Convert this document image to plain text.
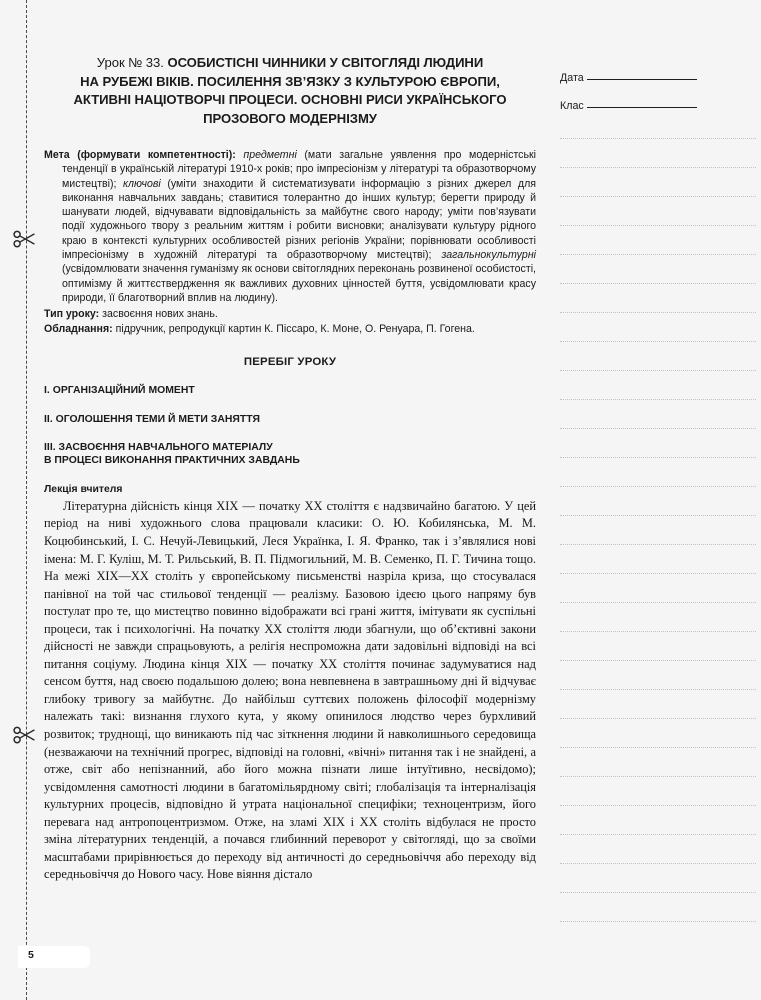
Урок № 33. ОСОБИСТІСНІ ЧИННИКИ У СВІТОГЛЯДІ ЛЮДИНИ
НА РУБЕЖІ ВІКІВ. ПОСИЛЕННЯ ЗВ’ЯЗКУ З КУЛЬТУРОЮ ЄВРОПИ,
АКТИВНІ НАЦІОТВОРЧІ ПРОЦЕСИ. ОСНОВНІ РИСИ УКРАЇНСЬКОГО
ПРОЗОВОГО МОДЕРНІЗМУ

Мета (формувати компетентності): предметні (мати загальне уявлення про модерністські тенденції в українській літературі 1910-х років; про імпресіонізм у літературі та образотворчому мистецтві); ключові (уміти знаходити й систематизувати інформацію з різних джерел для виконання навчальних завдань; ставитися толерантно до інших культур; берегти природу й шанувати людей, відчувавати відповідальність за майбутнє свого народу; уміти пов’язувати події художнього твору з реальним життям і робити висновки; аналізувати культуру рідного краю в контексті культурних особливостей різних регіонів України; порівнювати особливості імпресіонізму в художній літературі та образотворчому мистецтві); загальнокультурні (усвідомлювати значення гуманізму як основи світоглядних переконань розвиненої особистості, оптимізму й життєствердження як важливих духовних цінностей буття, усвідомлювати красу природи, її благотворний вплив на людину).

Тип уроку: засвоєння нових знань.
Обладнання: підручник, репродукції картин К. Піссаро, К. Моне, О. Ренуара, П. Гогена.
ПЕРЕБІГ УРОКУ
I. ОРГАНІЗАЦІЙНИЙ МОМЕНТ
II. ОГОЛОШЕННЯ ТЕМИ Й МЕТИ ЗАНЯТТЯ
III. ЗАСВОЄННЯ НАВЧАЛЬНОГО МАТЕРІАЛУ
В ПРОЦЕСІ ВИКОНАННЯ ПРАКТИЧНИХ ЗАВДАНЬ
Лекція вчителя

Літературна дійсність кінця XIX — початку XX століття є надзвичайно багатою. У цей період на ниві художнього слова працювали класики: О. Ю. Кобилянська, М. М. Коцюбинський, І. С. Нечуй-Левицький, Леся Українка, І. Я. Франко, так і з’являлися нові імена: М. Г. Куліш, М. Т. Рильський, В. П. Підмогильний, М. В. Семенко, П. Г. Тичина тощо. На межі XIX—XX століть у європейському письменстві назріла криза, що стосувалася панівної на той час стильової тенденції — реалізму. Базовою ідеєю цього напряму був постулат про те, що мистецтво повинно відображати всі грані життя, імітувати як суспільні процеси, так і психологічні. На початку XX століття люди збагнули, що об’єктивні закони дійсності не завжди спрацьовують, а релігія неспроможна дати задовільні відповіді на всі питання соціуму. Людина кінця XIX — початку XX століття починає задумуватися над сенсом буття, над своєю подальшою долею; вона невпевнена в завтрашньому дні й відчуває глибоку тривогу за майбутнє. До найбільш суттєвих положень філософії модернізму належать такі: визнання глухого кута, у якому опинилося людство через бурхливий розвиток; труднощі, що виникають під час зіткнення людини й навколишнього середовища (незважаючи на технічний прогрес, відповіді на головні, «вічні» питання так і не знайдені, а отже, світ або непізнанний, або його можна пізнати лише інтуїтивно, несвідомо); усвідомлення самотності людини в багатомільярдному світі; глобалізація та інтерналізація культурних процесів, відповідно й утрата національної специфіки; техноцентризм, його перевага над антропоцентризмом. Отже, на зламі XIX і XX століть відбулася не просто зміна літературних тенденцій, а почався глибинний переворот у світогляді, що за своїми масштабами прирівнюється до переходу від античності до середньовіччя або переходу від середньовіччя до Нового часу. Нове віяння дістало

Дата
Клас
5
